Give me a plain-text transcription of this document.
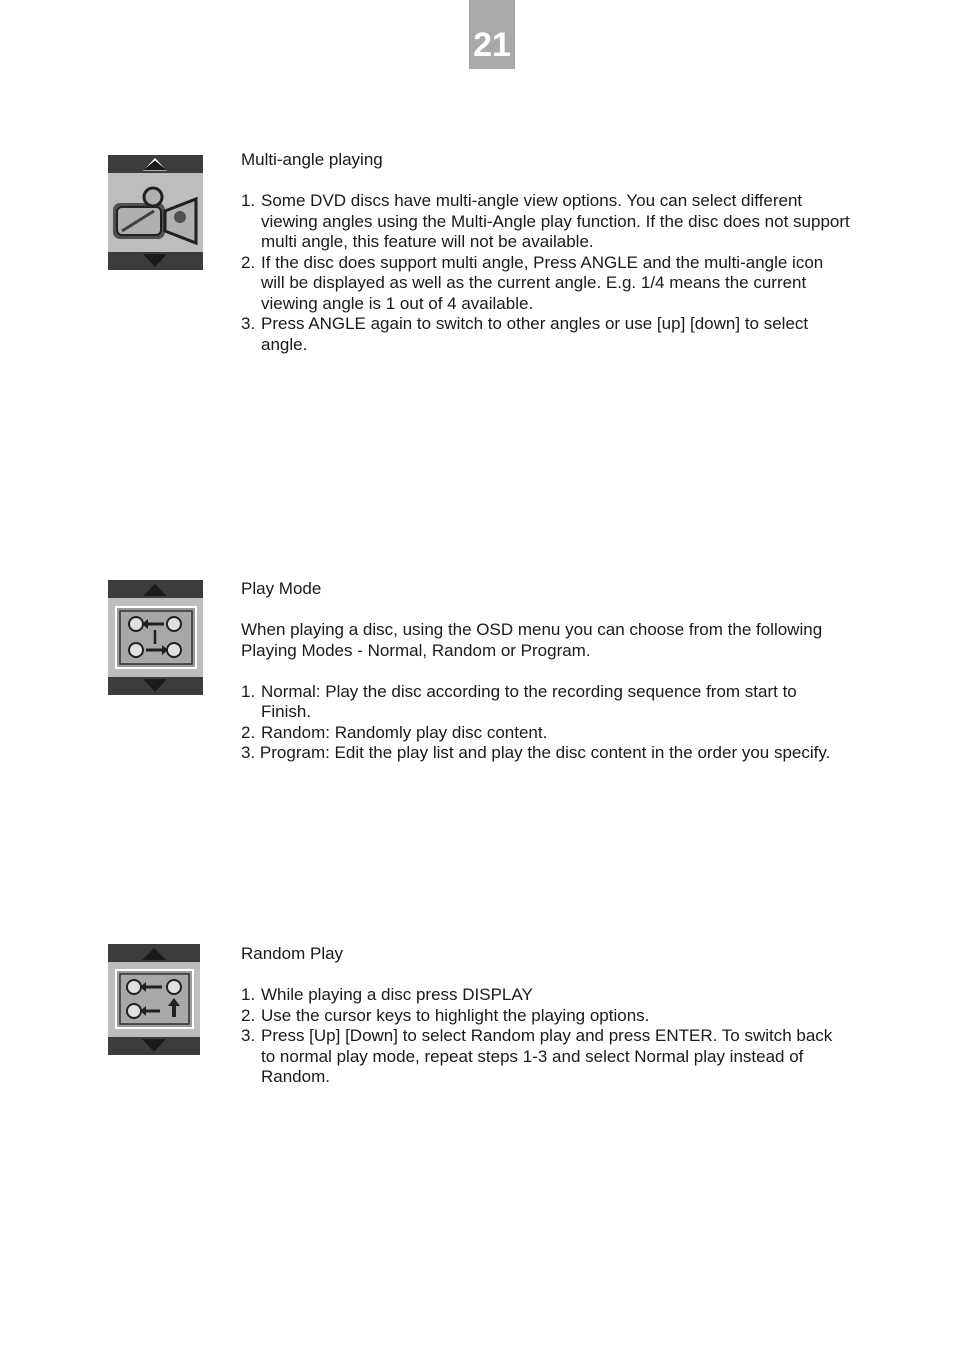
21

Multi-angle playing

1. Some DVD discs have multi-angle view options. You can select different viewing angles using the Multi-Angle play function. If the disc does not support multi angle, this feature will not be available.
2. If the disc does support multi angle, Press ANGLE and the multi-angle icon will be displayed as well as the current angle. E.g. 1/4 means the current viewing angle is 1 out of 4 available.
3. Press ANGLE again to switch to other angles or use [up] [down] to select angle.

Play Mode

When playing a disc, using the OSD menu you can choose from the following Playing Modes - Normal, Random or Program.

1. Normal: Play the disc according to the recording sequence from start to Finish.
2. Random: Randomly play disc content.
3. Program: Edit the play list and play the disc content in the order you specify.

Random Play

1. While playing a disc press DISPLAY
2. Use the cursor keys to highlight the playing options.
3. Press [Up] [Down] to select Random play and press ENTER. To switch back to normal play mode, repeat steps 1-3 and select Normal play instead of Random.
